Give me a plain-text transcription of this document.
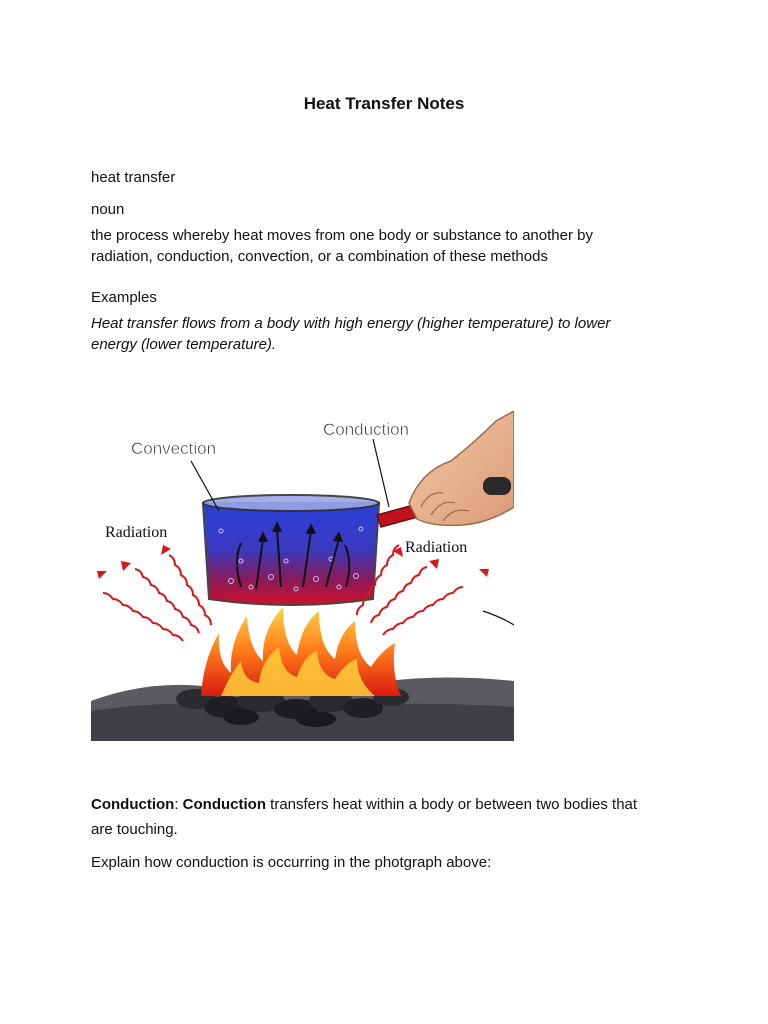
Heat Transfer Notes
heat transfer
noun
the process whereby heat moves from one body or substance to another by
radiation, conduction, convection, or a combination of these methods
Examples
Heat transfer flows from a body with high energy (higher temperature) to lower
energy (lower temperature).
Convection
Conduction
Radiation
Radiation
Conduction: Conduction transfers heat within a body or between two bodies that
are touching.
Explain how conduction is occurring in the photgraph above:
